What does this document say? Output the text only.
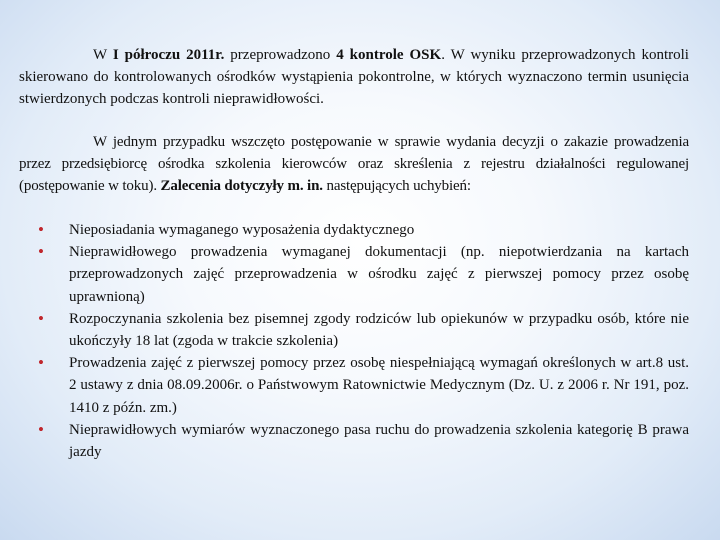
W I półroczu 2011r. przeprowadzono 4 kontrole OSK. W wyniku przeprowadzonych kontroli skierowano do kontrolowanych ośrodków wystąpienia pokontrolne, w których wyznaczono termin usunięcia stwierdzonych podczas kontroli nieprawidłowości.

W jednym przypadku wszczęto postępowanie w sprawie wydania decyzji o zakazie prowadzenia przez przedsiębiorcę ośrodka szkolenia kierowców oraz skreślenia z rejestru działalności regulowanej (postępowanie w toku). Zalecenia dotyczyły m. in. następujących uchybień:

• Nieposiadania wymaganego wyposażenia dydaktycznego
• Nieprawidłowego prowadzenia wymaganej dokumentacji (np. niepotwierdzania na kartach przeprowadzonych zajęć przeprowadzenia w ośrodku zajęć z pierwszej pomocy przez osobę uprawnioną)
• Rozpoczynania szkolenia bez pisemnej zgody rodziców lub opiekunów w przypadku osób, które nie ukończyły 18 lat (zgoda w trakcie szkolenia)
• Prowadzenia zajęć z pierwszej pomocy przez osobę niespełniającą wymagań określonych w art.8 ust. 2 ustawy z dnia 08.09.2006r. o Państwowym Ratownictwie Medycznym (Dz. U. z 2006 r. Nr 191, poz. 1410 z późn. zm.)
• Nieprawidłowych wymiarów wyznaczonego pasa ruchu do prowadzenia szkolenia kategorię B prawa jazdy
